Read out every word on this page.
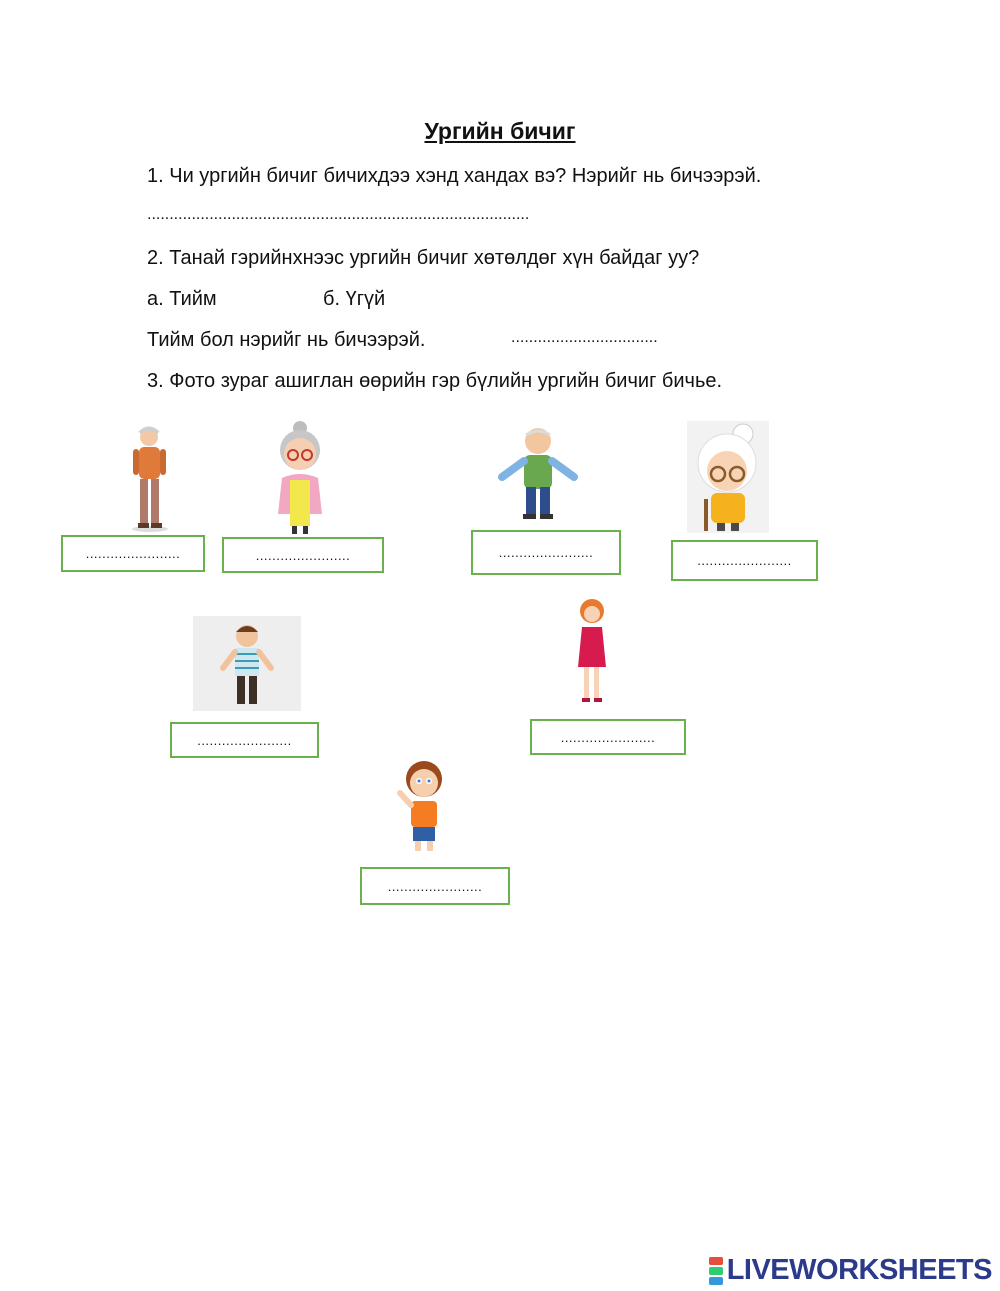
Ургийн бичиг
1. Чи ургийн бичиг бичихдээ хэнд хандах вэ? Нэрийг нь бичээрэй.
......................................................................................
2. Танай гэрийнхнээс ургийн бичиг хөтөлдөг хүн байдаг уу?
а. Тийм	б. Үгүй
Тийм бол нэрийг нь бичээрэй.	.................................
3. Фото зураг ашиглан өөрийн гэр бүлийн ургийн бичиг бичье.
.......................	.......................	.......................
.......................
.......................	.......................
.......................
LIVEWORKSHEETS
